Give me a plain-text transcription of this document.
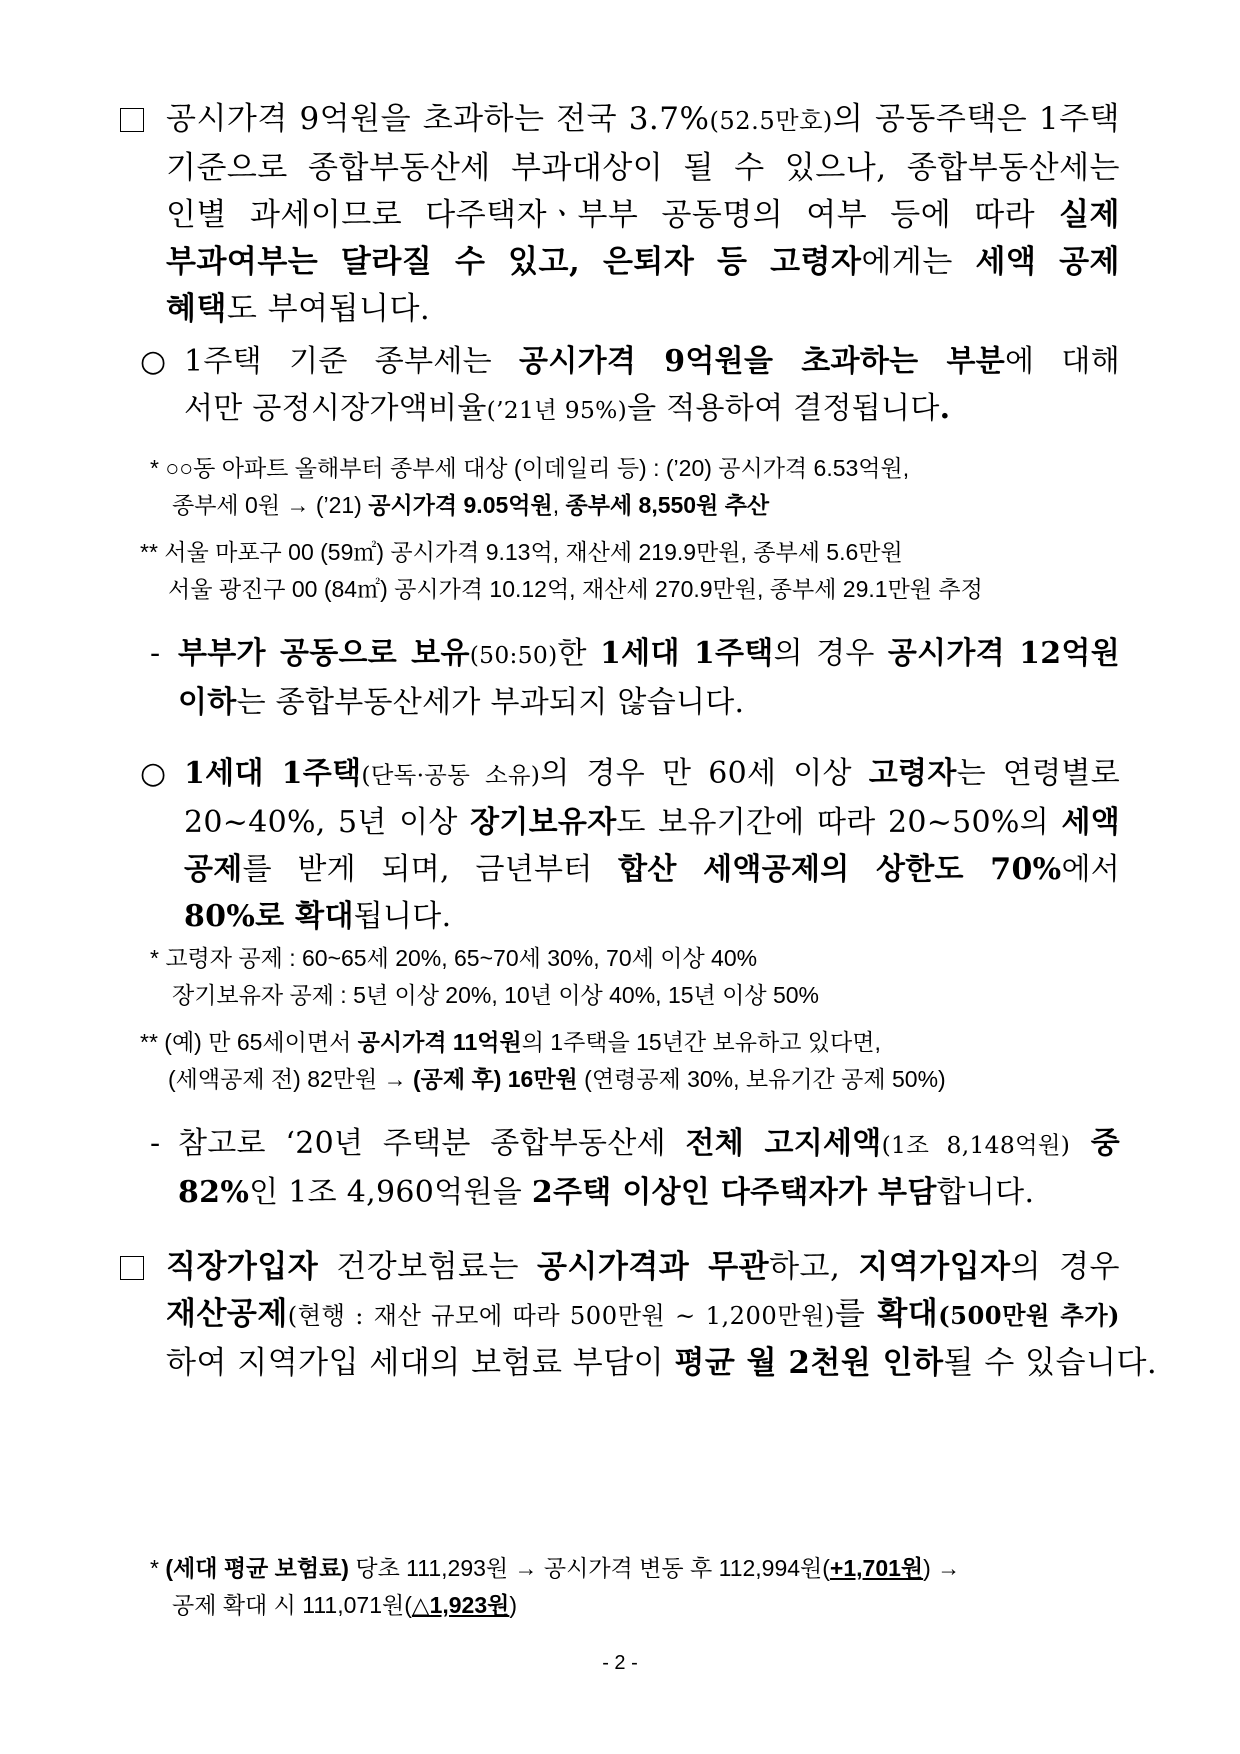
공시가격 9억원을 초과하는 전국 3.7%(52.5만호)의 공동주택은 1주택
기준으로 종합부동산세 부과대상이 될 수 있으나, 종합부동산세는
인별 과세이므로 다주택자ㆍ부부 공동명의 여부 등에 따라 실제
부과여부는 달라질 수 있고, 은퇴자 등 고령자에게는 세액 공제
혜택도 부여됩니다.
○ 1주택 기준 종부세는 공시가격 9억원을 초과하는 부분에 대해
서만 공정시장가액비율(’21년 95%)을 적용하여 결정됩니다.
* ○○동 아파트 올해부터 종부세 대상 (이데일리 등) : (’20) 공시가격 6.53억원,
종부세 0원 → (’21) 공시가격 9.05억원, 종부세 8,550원 추산
** 서울 마포구 00 (59㎡) 공시가격 9.13억, 재산세 219.9만원, 종부세 5.6만원
서울 광진구 00 (84㎡) 공시가격 10.12억, 재산세 270.9만원, 종부세 29.1만원 추정
- 부부가 공동으로 보유(50:50)한 1세대 1주택의 경우 공시가격 12억원
이하는 종합부동산세가 부과되지 않습니다.
○ 1세대 1주택(단독·공동 소유)의 경우 만 60세 이상 고령자는 연령별로
20~40%, 5년 이상 장기보유자도 보유기간에 따라 20~50%의 세액
공제를 받게 되며, 금년부터 합산 세액공제의 상한도 70%에서
80%로 확대됩니다.
* 고령자 공제 : 60~65세 20%, 65~70세 30%, 70세 이상 40%
장기보유자 공제 : 5년 이상 20%, 10년 이상 40%, 15년 이상 50%
** (예) 만 65세이면서 공시가격 11억원의 1주택을 15년간 보유하고 있다면,
(세액공제 전) 82만원 → (공제 후) 16만원 (연령공제 30%, 보유기간 공제 50%)
- 참고로 ‘20년 주택분 종합부동산세 전체 고지세액(1조 8,148억원) 중
82%인 1조 4,960억원을 2주택 이상인 다주택자가 부담합니다.
직장가입자 건강보험료는 공시가격과 무관하고, 지역가입자의 경우
재산공제(현행 : 재산 규모에 따라 500만원 ~ 1,200만원)를 확대(500만원 추가)
하여 지역가입 세대의 보험료 부담이 평균 월 2천원 인하될 수 있습니다.
* (세대 평균 보험료) 당초 111,293원 → 공시가격 변동 후 112,994원(+1,701원) →
공제 확대 시 111,071원(△1,923원)
- 2 -
